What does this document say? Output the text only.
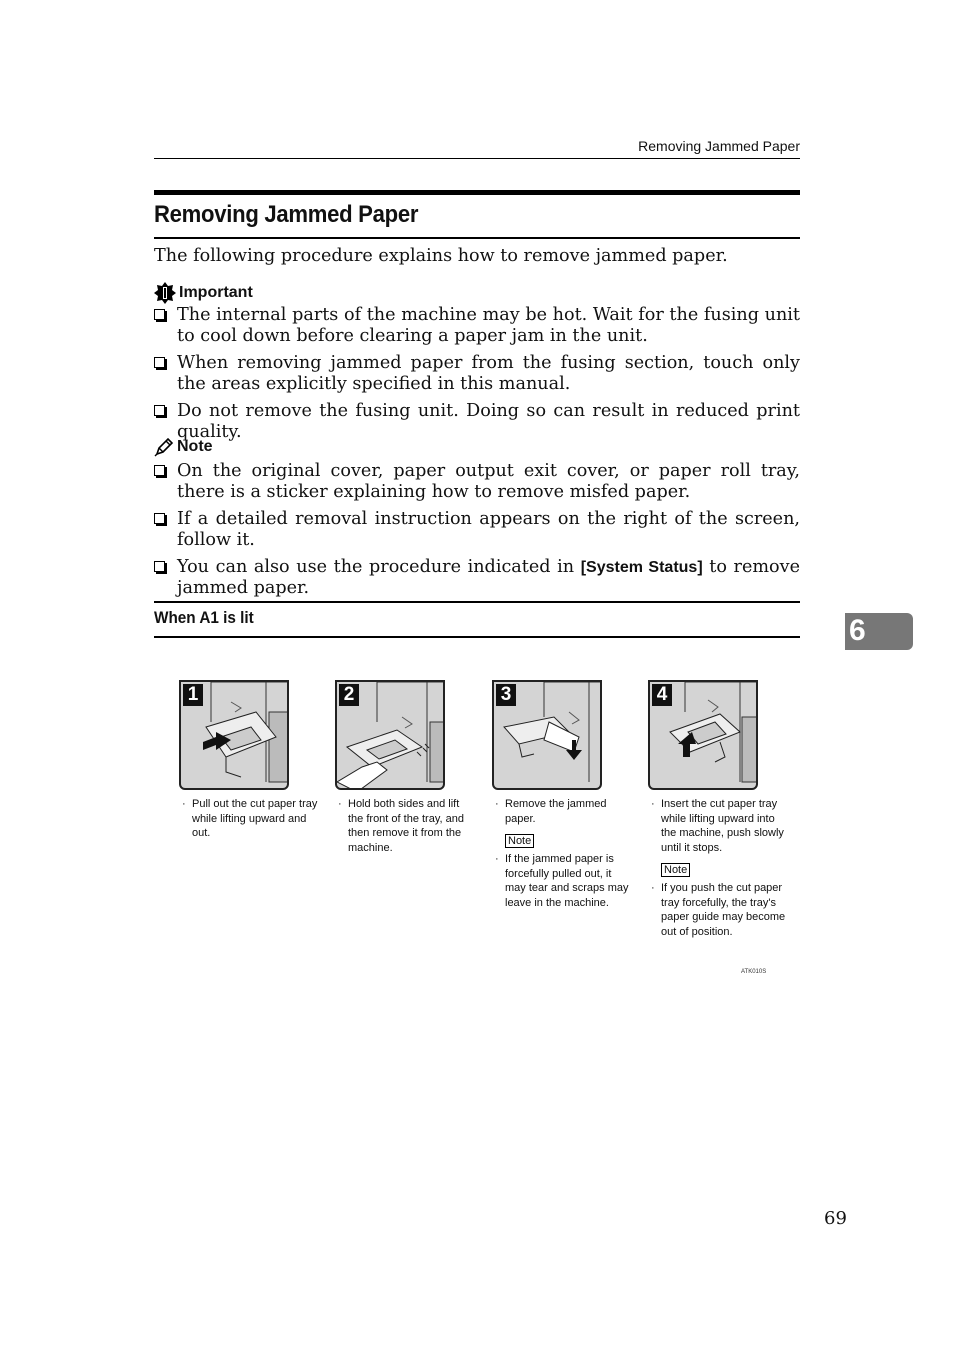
Removing Jammed Paper
Removing Jammed Paper
The following procedure explains how to remove jammed paper.
Important
The internal parts of the machine may be hot. Wait for the fusing unit to cool down before clearing a paper jam in the unit.
When removing jammed paper from the fusing section, touch only the areas explicitly specified in this manual.
Do not remove the fusing unit. Doing so can result in reduced print quality.
Note
On the original cover, paper output exit cover, or paper roll tray, there is a sticker explaining how to remove misfed paper.
If a detailed removal instruction appears on the right of the screen, follow it.
You can also use the procedure indicated in [System Status] to remove jammed paper.
When A1 is lit	6
1
· Pull out the cut paper tray while lifting upward and out.
2
· Hold both sides and lift the front of the tray, and then remove it from the machine.
3
· Remove the jammed paper.
Note
· If the jammed paper is forcefully pulled out, it may tear and scraps may leave in the machine.
4
· Insert the cut paper tray while lifting upward into the machine, push slowly until it stops.
Note
· If you push the cut paper tray forcefully, the tray's paper guide may become out of position.
ATK010S
69
